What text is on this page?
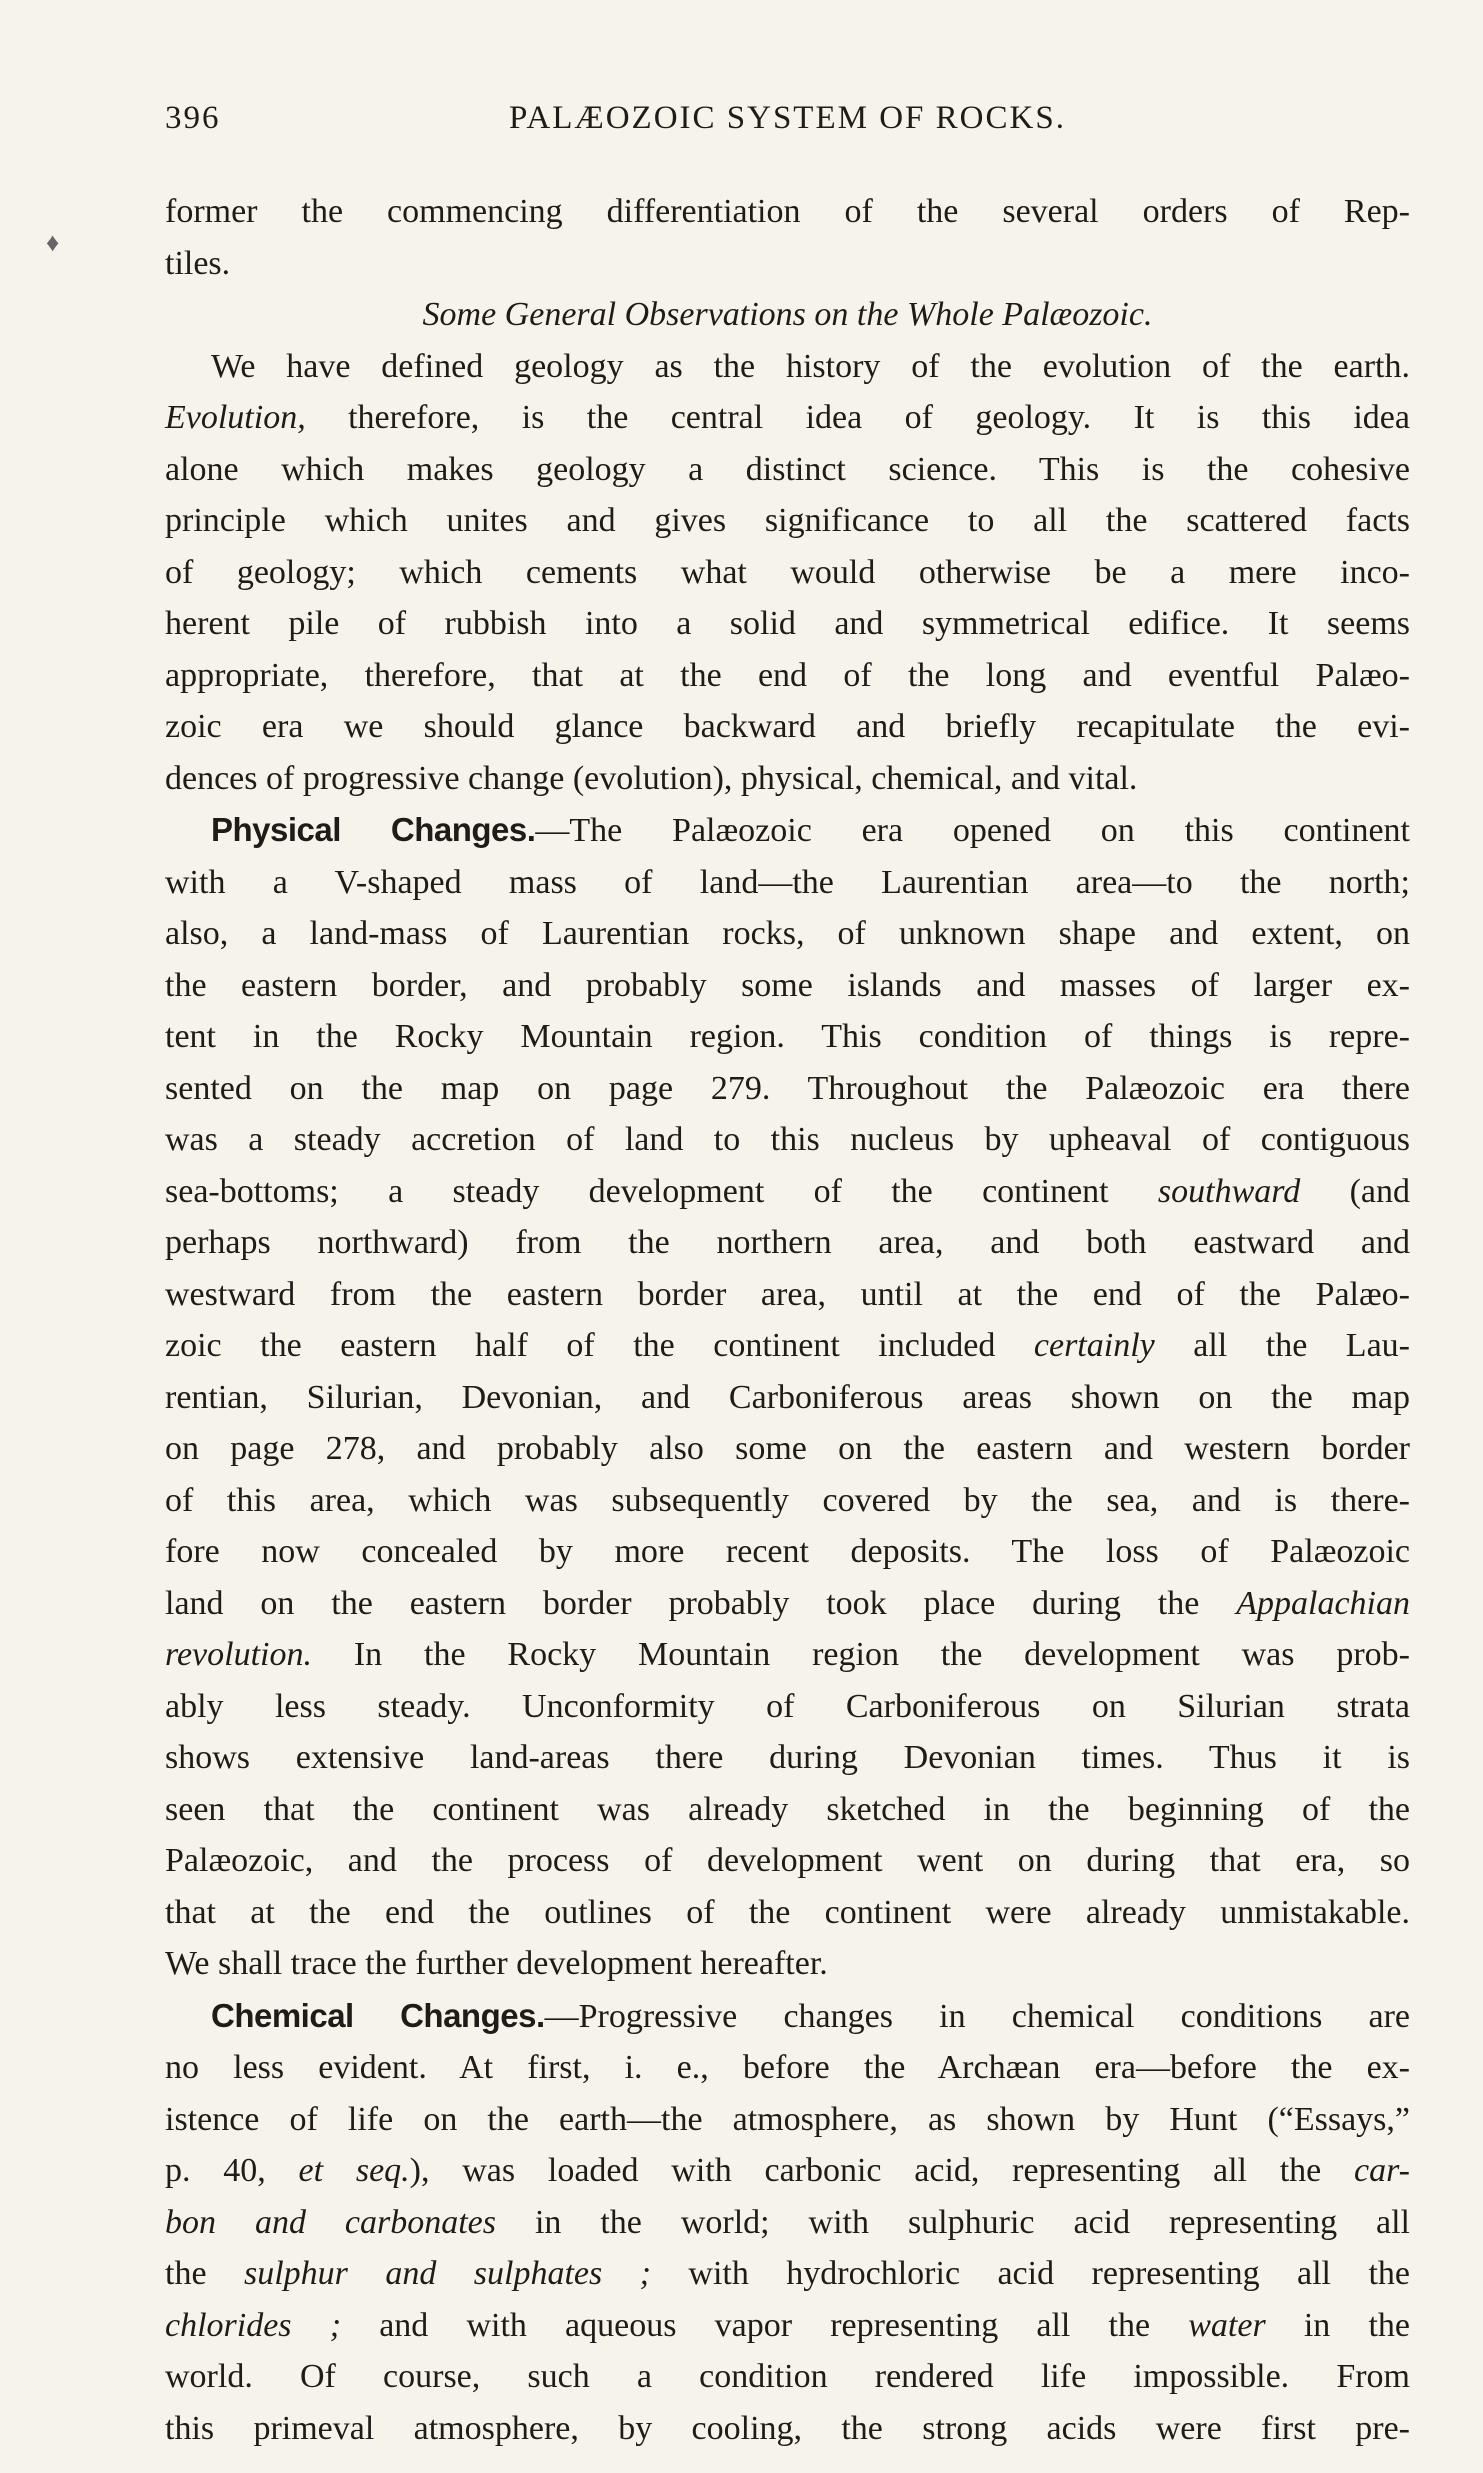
396	PALÆOZOIC SYSTEM OF ROCKS.
♦
former the commencing differentiation of the several orders of Rep-
tiles.
Some General Observations on the Whole Palæozoic.
We have defined geology as the history of the evolution of the earth.
Evolution, therefore, is the central idea of geology. It is this idea
alone which makes geology a distinct science. This is the cohesive
principle which unites and gives significance to all the scattered facts
of geology; which cements what would otherwise be a mere inco-
herent pile of rubbish into a solid and symmetrical edifice. It seems
appropriate, therefore, that at the end of the long and eventful Palæo-
zoic era we should glance backward and briefly recapitulate the evi-
dences of progressive change (evolution), physical, chemical, and vital.
Physical Changes.—The Palæozoic era opened on this continent
with a V-shaped mass of land—the Laurentian area—to the north;
also, a land-mass of Laurentian rocks, of unknown shape and extent, on
the eastern border, and probably some islands and masses of larger ex-
tent in the Rocky Mountain region. This condition of things is repre-
sented on the map on page 279. Throughout the Palæozoic era there
was a steady accretion of land to this nucleus by upheaval of contiguous
sea-bottoms; a steady development of the continent southward (and
perhaps northward) from the northern area, and both eastward and
westward from the eastern border area, until at the end of the Palæo-
zoic the eastern half of the continent included certainly all the Lau-
rentian, Silurian, Devonian, and Carboniferous areas shown on the map
on page 278, and probably also some on the eastern and western border
of this area, which was subsequently covered by the sea, and is there-
fore now concealed by more recent deposits. The loss of Palæozoic
land on the eastern border probably took place during the Appalachian
revolution. In the Rocky Mountain region the development was prob-
ably less steady. Unconformity of Carboniferous on Silurian strata
shows extensive land-areas there during Devonian times. Thus it is
seen that the continent was already sketched in the beginning of the
Palæozoic, and the process of development went on during that era, so
that at the end the outlines of the continent were already unmistakable.
We shall trace the further development hereafter.
Chemical Changes.—Progressive changes in chemical conditions are
no less evident. At first, i. e., before the Archæan era—before the ex-
istence of life on the earth—the atmosphere, as shown by Hunt (“Essays,”
p. 40, et seq.), was loaded with carbonic acid, representing all the car-
bon and carbonates in the world; with sulphuric acid representing all
the sulphur and sulphates ; with hydrochloric acid representing all the
chlorides ; and with aqueous vapor representing all the water in the
world. Of course, such a condition rendered life impossible. From
this primeval atmosphere, by cooling, the strong acids were first pre-
